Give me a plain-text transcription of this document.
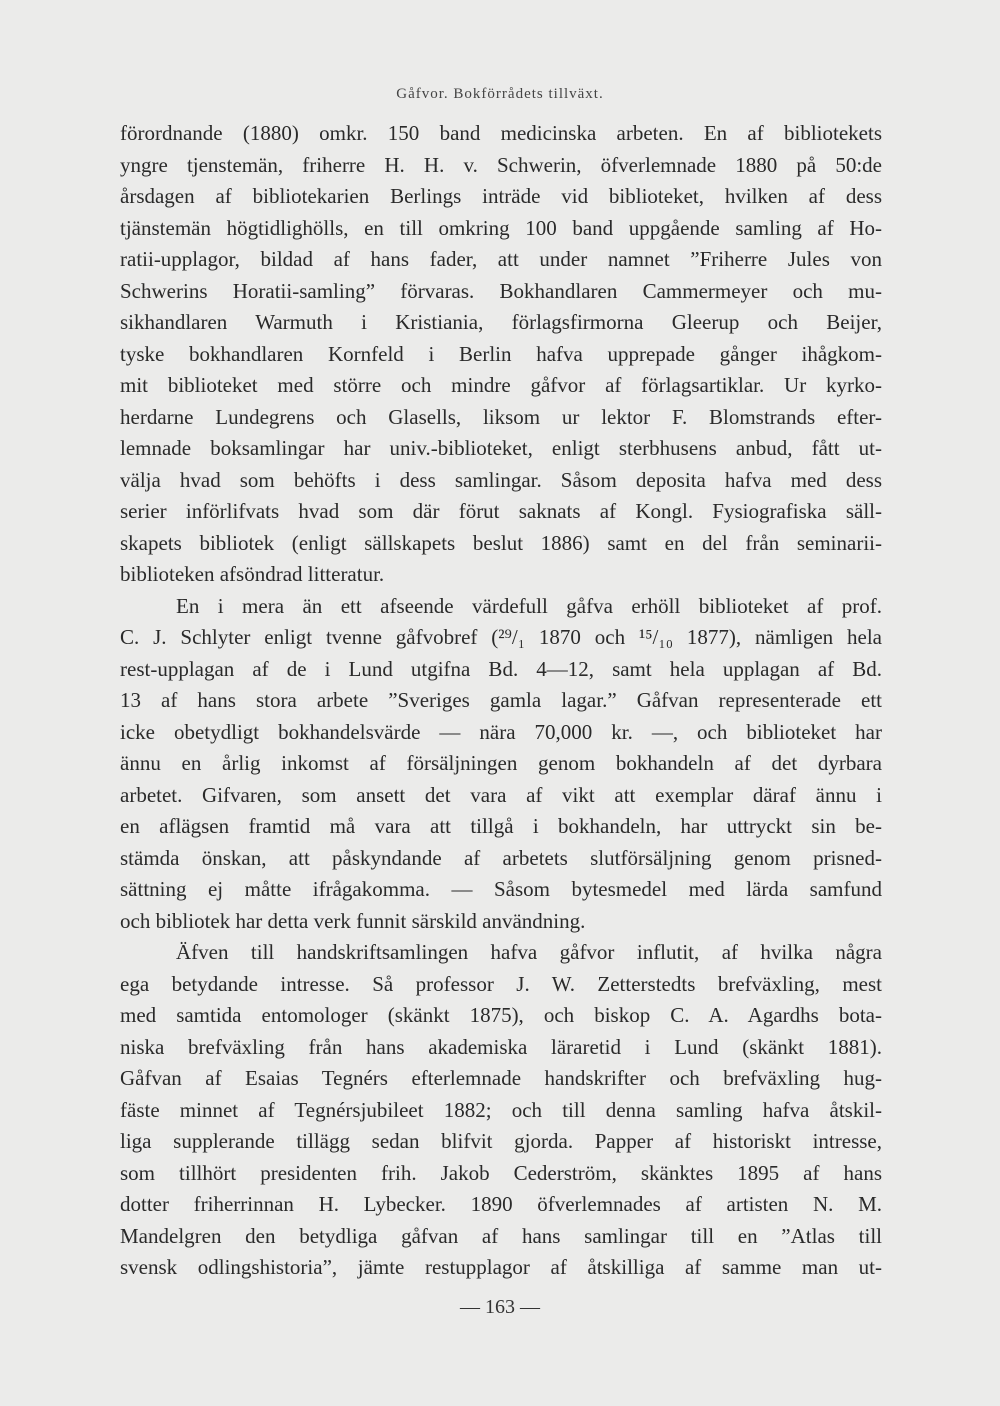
Gåfvor. Bokförrådets tillväxt.
förordnande (1880) omkr. 150 band medicinska arbeten. En af bibliotekets
yngre tjenstemän, friherre H. H. v. Schwerin, öfverlemnade 1880 på 50:de
årsdagen af bibliotekarien Berlings inträde vid biblioteket, hvilken af dess
tjänstemän högtidlighölls, en till omkring 100 band uppgående samling af Ho-
ratii-upplagor, bildad af hans fader, att under namnet ”Friherre Jules von
Schwerins Horatii-samling” förvaras. Bokhandlaren Cammermeyer och mu-
sikhandlaren Warmuth i Kristiania, förlagsfirmorna Gleerup och Beijer,
tyske bokhandlaren Kornfeld i Berlin hafva upprepade gånger ihågkom-
mit biblioteket med större och mindre gåfvor af förlagsartiklar. Ur kyrko-
herdarne Lundegrens och Glasells, liksom ur lektor F. Blomstrands efter-
lemnade boksamlingar har univ.-biblioteket, enligt sterbhusens anbud, fått ut-
välja hvad som behöfts i dess samlingar. Såsom deposita hafva med dess
serier införlifvats hvad som där förut saknats af Kongl. Fysiografiska säll-
skapets bibliotek (enligt sällskapets beslut 1886) samt en del från seminarii-
biblioteken afsöndrad litteratur.
En i mera än ett afseende värdefull gåfva erhöll biblioteket af prof.
C. J. Schlyter enligt tvenne gåfvobref (²⁹/₁ 1870 och ¹⁵/₁₀ 1877), nämligen hela
rest-upplagan af de i Lund utgifna Bd. 4—12, samt hela upplagan af Bd.
13 af hans stora arbete ”Sveriges gamla lagar.” Gåfvan representerade ett
icke obetydligt bokhandelsvärde — nära 70,000 kr. —, och biblioteket har
ännu en årlig inkomst af försäljningen genom bokhandeln af det dyrbara
arbetet. Gifvaren, som ansett det vara af vikt att exemplar däraf ännu i
en aflägsen framtid må vara att tillgå i bokhandeln, har uttryckt sin be-
stämda önskan, att påskyndande af arbetets slutförsäljning genom prisned-
sättning ej måtte ifrågakomma. — Såsom bytesmedel med lärda samfund
och bibliotek har detta verk funnit särskild användning.
Äfven till handskriftsamlingen hafva gåfvor influtit, af hvilka några
ega betydande intresse. Så professor J. W. Zetterstedts brefväxling, mest
med samtida entomologer (skänkt 1875), och biskop C. A. Agardhs bota-
niska brefväxling från hans akademiska läraretid i Lund (skänkt 1881).
Gåfvan af Esaias Tegnérs efterlemnade handskrifter och brefväxling hug-
fäste minnet af Tegnérsjubileet 1882; och till denna samling hafva åtskil-
liga supplerande tillägg sedan blifvit gjorda. Papper af historiskt intresse,
som tillhört presidenten frih. Jakob Cederström, skänktes 1895 af hans
dotter friherrinnan H. Lybecker. 1890 öfverlemnades af artisten N. M.
Mandelgren den betydliga gåfvan af hans samlingar till en ”Atlas till
svensk odlingshistoria”, jämte restupplagor af åtskilliga af samme man ut-
— 163 —
